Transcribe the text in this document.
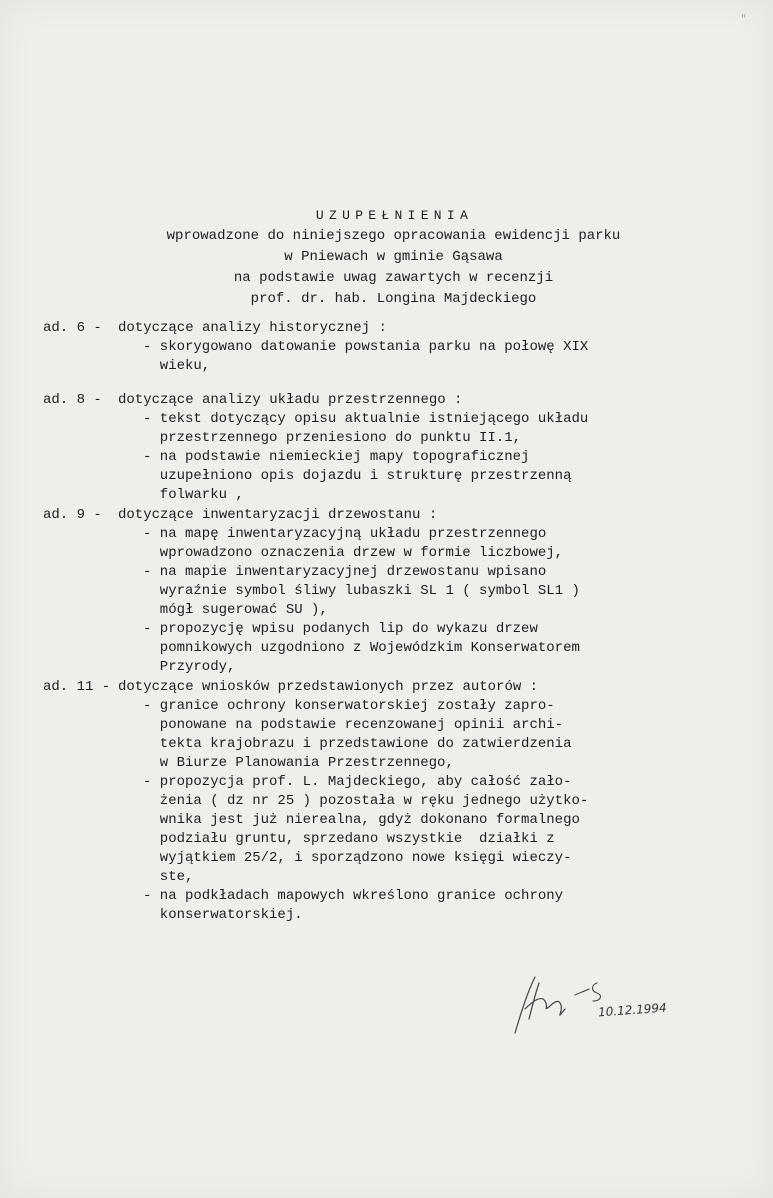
"
UZUPEŁNIENIA
wprowadzone do niniejszego opracowania ewidencji parku
w Pniewach w gminie Gąsawa
na podstawie uwag zawartych w recenzji
prof. dr. hab. Longina Majdeckiego
ad. 6 -	dotyczące analizy historycznej :
- skorygowano datowanie powstania parku na połowę XIX
wieku,
ad. 8 -	dotyczące analizy układu przestrzennego :
- tekst dotyczący opisu aktualnie istniejącego układu
przestrzennego przeniesiono do punktu II.1,
- na podstawie niemieckiej mapy topograficznej
uzupełniono opis dojazdu i strukturę przestrzenną
folwarku ,
ad. 9 -	dotyczące inwentaryzacji drzewostanu :
- na mapę inwentaryzacyjną układu przestrzennego
wprowadzono oznaczenia drzew w formie liczbowej,
- na mapie inwentaryzacyjnej drzewostanu wpisano
wyraźnie symbol śliwy lubaszki SL 1 ( symbol SL1 )
mógł sugerować SU ),
- propozycję wpisu podanych lip do wykazu drzew
pomnikowych uzgodniono z Wojewódzkim Konserwatorem
Przyrody,
ad. 11 - dotyczące wniosków przedstawionych przez autorów :
- granice ochrony konserwatorskiej zostały zapro-
ponowane na podstawie recenzowanej opinii archi-
tekta krajobrazu i przedstawione do zatwierdzenia
w Biurze Planowania Przestrzennego,
- propozycja prof. L. Majdeckiego, aby całość zało-
żenia ( dz nr 25 ) pozostała w ręku jednego użytko-
wnika jest już nierealna, gdyż dokonano formalnego
podziału gruntu, sprzedano wszystkie  działki z
wyjątkiem 25/2, i sporządzono nowe księgi wieczy-
ste,
- na podkładach mapowych wkreślono granice ochrony
konserwatorskiej.
10.12.1994
